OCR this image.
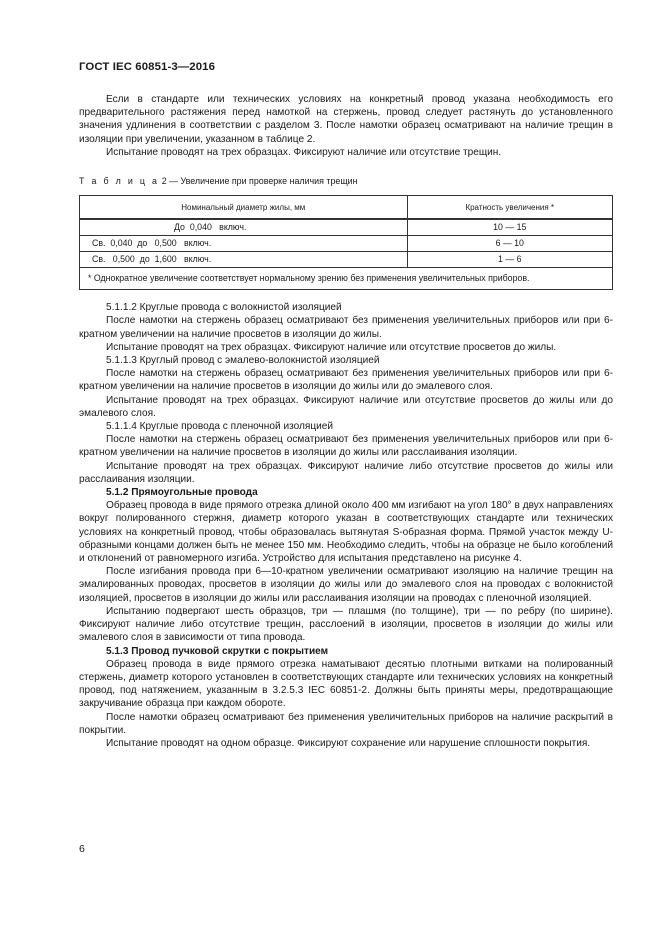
ГОСТ IEC 60851-3—2016

Если в стандарте или технических условиях на конкретный провод указана необходимость его предварительного растяжения перед намоткой на стержень, провод следует растянуть до установленного значения удлинения в соответствии с разделом 3. После намотки образец осматривают на наличие трещин в изоляции при увеличении, указанном в таблице 2.

Испытание проводят на трех образцах. Фиксируют наличие или отсутствие трещин.

Т а б л и ц а 2 — Увеличение при проверке наличия трещин
Номинальный диаметр жилы, мм	Кратность увеличения *
До  0,040   включ.	10 — 15
Св.  0,040  до   0,500   включ.	6 — 10
Св.   0,500  до  1,600   включ.	1 — 6
* Однократное увеличение соответствует нормальному зрению без применения увеличительных приборов.	

5.1.1.2 Круглые провода с волокнистой изоляцией

После намотки на стержень образец осматривают без применения увеличительных приборов или при 6-кратном увеличении на наличие просветов в изоляции до жилы.

Испытание проводят на трех образцах. Фиксируют наличие или отсутствие просветов до жилы.

5.1.1.3 Круглый провод с эмалево-волокнистой изоляцией

После намотки на стержень образец осматривают без применения увеличительных приборов или при 6-кратном увеличении на наличие просветов в изоляции до жилы или до эмалевого слоя.

Испытание проводят на трех образцах. Фиксируют наличие или отсутствие просветов до жилы или до эмалевого слоя.

5.1.1.4 Круглые провода с пленочной изоляцией

После намотки на стержень образец осматривают без применения увеличительных приборов или при 6-кратном увеличении на наличие просветов в изоляции до жилы или расслаивания изоляции.

Испытание проводят на трех образцах. Фиксируют наличие либо отсутствие просветов до жилы или расслаивания изоляции.

5.1.2 Прямоугольные провода

Образец провода в виде прямого отрезка длиной около 400 мм изгибают на угол 180° в двух направлениях вокруг полированного стержня, диаметр которого указан в соответствующих стандарте или технических условиях на конкретный провод, чтобы образовалась вытянутая S-образная форма. Прямой участок между U-образными концами должен быть не менее 150 мм. Необходимо следить, чтобы на образце не было коroблений и отклонений от равномерного изгиба. Устройство для испытания представлено на рисунке 4.

После изгибания провода при 6—10-кратном увеличении осматривают изоляцию на наличие трещин на эмалированных проводах, просветов в изоляции до жилы или до эмалевого слоя на проводах с волокнистой изоляцией, просветов в изоляции до жилы или расслаивания изоляции на проводах с пленочной изоляцией.

Испытанию подвергают шесть образцов, три — плашмя (по толщине), три — по ребру (по ширине). Фиксируют наличие либо отсутствие трещин, расслоений в изоляции, просветов в изоляции до жилы или эмалевого слоя в зависимости от типа провода.

5.1.3 Провод пучковой скрутки с покрытием

Образец провода в виде прямого отрезка наматывают десятью плотными витками на полированный стержень, диаметр которого установлен в соответствующих стандарте или технических условиях на конкретный провод, под натяжением, указанным в 3.2.5.3 IEC 60851-2. Должны быть приняты меры, предотвращающие закручивание образца при каждом обороте.

После намотки образец осматривают без применения увеличительных приборов на наличие раскрытий в покрытии.

Испытание проводят на одном образце. Фиксируют сохранение или нарушение сплошности покрытия.

6
